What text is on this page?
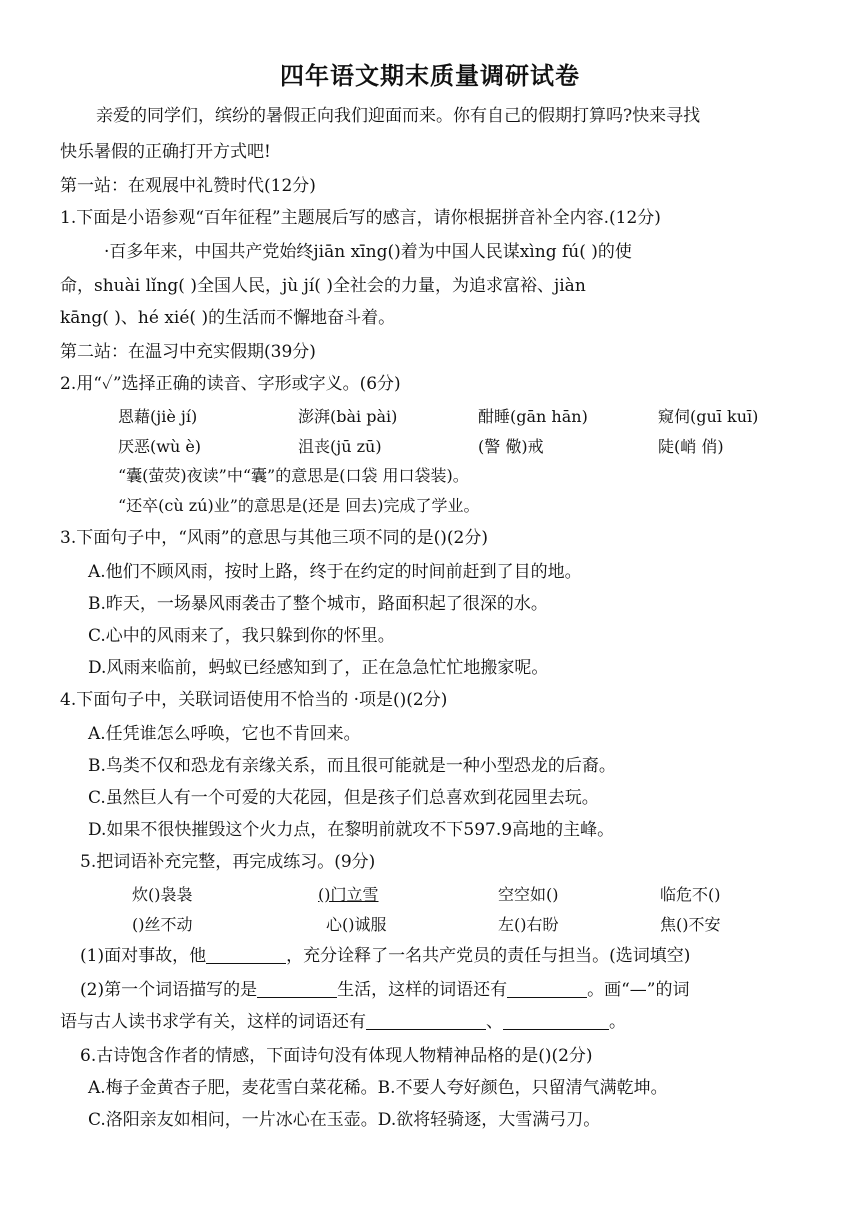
四年语文期末质量调研试卷
亲爱的同学们，缤纷的暑假正向我们迎面而来。你有自己的假期打算吗?快来寻找
快乐暑假的正确打开方式吧!
第一站：在观展中礼赞时代(12分)
1.下面是小语参观“百年征程”主题展后写的感言，请你根据拼音补全内容.(12分)
·百多年来，中国共产党始终jiān xīng()着为中国人民谋xìng fú( )的使
命，shuài lǐng( )全国人民，jù jí( )全社会的力量，为追求富裕、jiàn
kāng( )、hé xié( )的生活而不懈地奋斗着。
第二站：在温习中充实假期(39分)
2.用“✓”选择正确的读音、字形或字义。(6分)
恩藉(jiè jí)	澎湃(bài pài)	酣睡(gān hān)	窥伺(guī kuī)
厌恶(wù è)	沮丧(jū zū)	(警 儆)戒	陡(峭 俏)
“囊(萤荧)夜读”中“囊”的意思是(口袋 用口袋装)。
“还卒(cù zú)业”的意思是(还是 回去)完成了学业。
3.下面句子中，“风雨”的意思与其他三项不同的是()(2分)
A.他们不顾风雨，按时上路，终于在约定的时间前赶到了目的地。
B.昨天，一场暴风雨袭击了整个城市，路面积起了很深的水。
C.心中的风雨来了，我只躲到你的怀里。
D.风雨来临前，蚂蚁已经感知到了，正在急急忙忙地搬家呢。
4.下面句子中，关联词语使用不恰当的 ·项是()(2分)
A.任凭谁怎么呼唤，它也不肯回来。
B.鸟类不仅和恐龙有亲缘关系，而且很可能就是一种小型恐龙的后裔。
C.虽然巨人有一个可爱的大花园，但是孩子们总喜欢到花园里去玩。
D.如果不很快摧毁这个火力点，在黎明前就攻不下597.9高地的主峰。
5.把词语补充完整，再完成练习。(9分)
炊()袅袅	()门立雪	空空如()	临危不()
()丝不动	心()诚服	左()右盼	焦()不安
(1)面对事故，他	，充分诠释了一名共产党员的责任与担当。(选词填空)
(2)第一个词语描写的是	生活，这样的词语还有	。画“—”的词
语与古人读书求学有关，这样的词语还有	、	。
6.古诗饱含作者的情感，下面诗句没有体现人物精神品格的是()(2分)
A.梅子金黄杏子肥，麦花雪白菜花稀。B.不要人夸好颜色，只留清气满乾坤。
C.洛阳亲友如相问，一片冰心在玉壶。D.欲将轻骑逐，大雪满弓刀。
